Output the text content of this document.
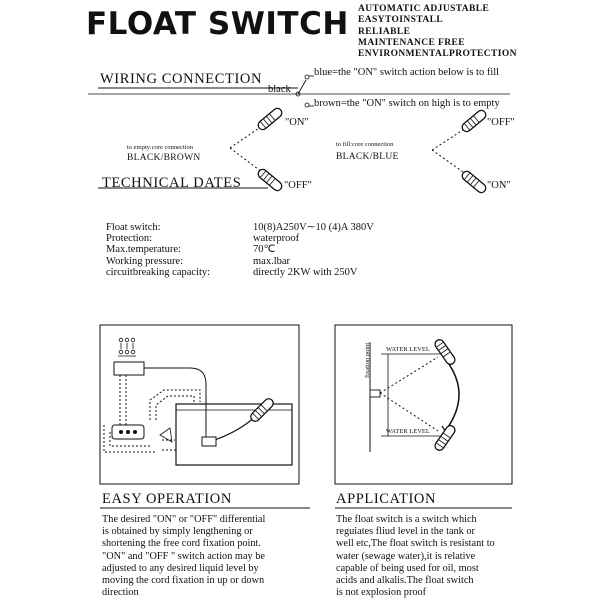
FLOAT SWITCH AUTOMATIC ADJUSTABLE
EASYTOINSTALL
RELIABLE
MAINTENANCE FREE
ENVIRONMENTALPROTECTION
WIRING CONNECTION
black
blue=the "ON" switch action below is to fill
brown=the "ON" switch on high is to empty
to empty:core connection
BLACK/BROWN
"ON"
"OFF"
to fill:core connection
BLACK/BLUE
"OFF"
"ON"
TECHNICAL DATES
Float switch:
Protection:
Max.temperature:
Working pressure:
circuitbreaking capacity:
10(8)A250V∼10 (4)A 380V
waterproof
70℃
max.lbar
directly 2KW with 250V
fixation point WATER LEVEL
WATER LEVEL
EASY OPERATION
The desired "ON" or "OFF" differential
is obtained by simply lengthening or
shortening the free cord fixation point.
"ON" and "OFF " switch action may be
adjusted to any desired liquid level by
moving the cord fixation in up or down
direction
APPLICATION
The float switch is a switch which
reguiates fliud level in the tank or
well etc,The float switch is resistant to
water (sewage water),it is relative
capable of being used for oil, most
acids and alkalis.The float switch
is not explosion proof
